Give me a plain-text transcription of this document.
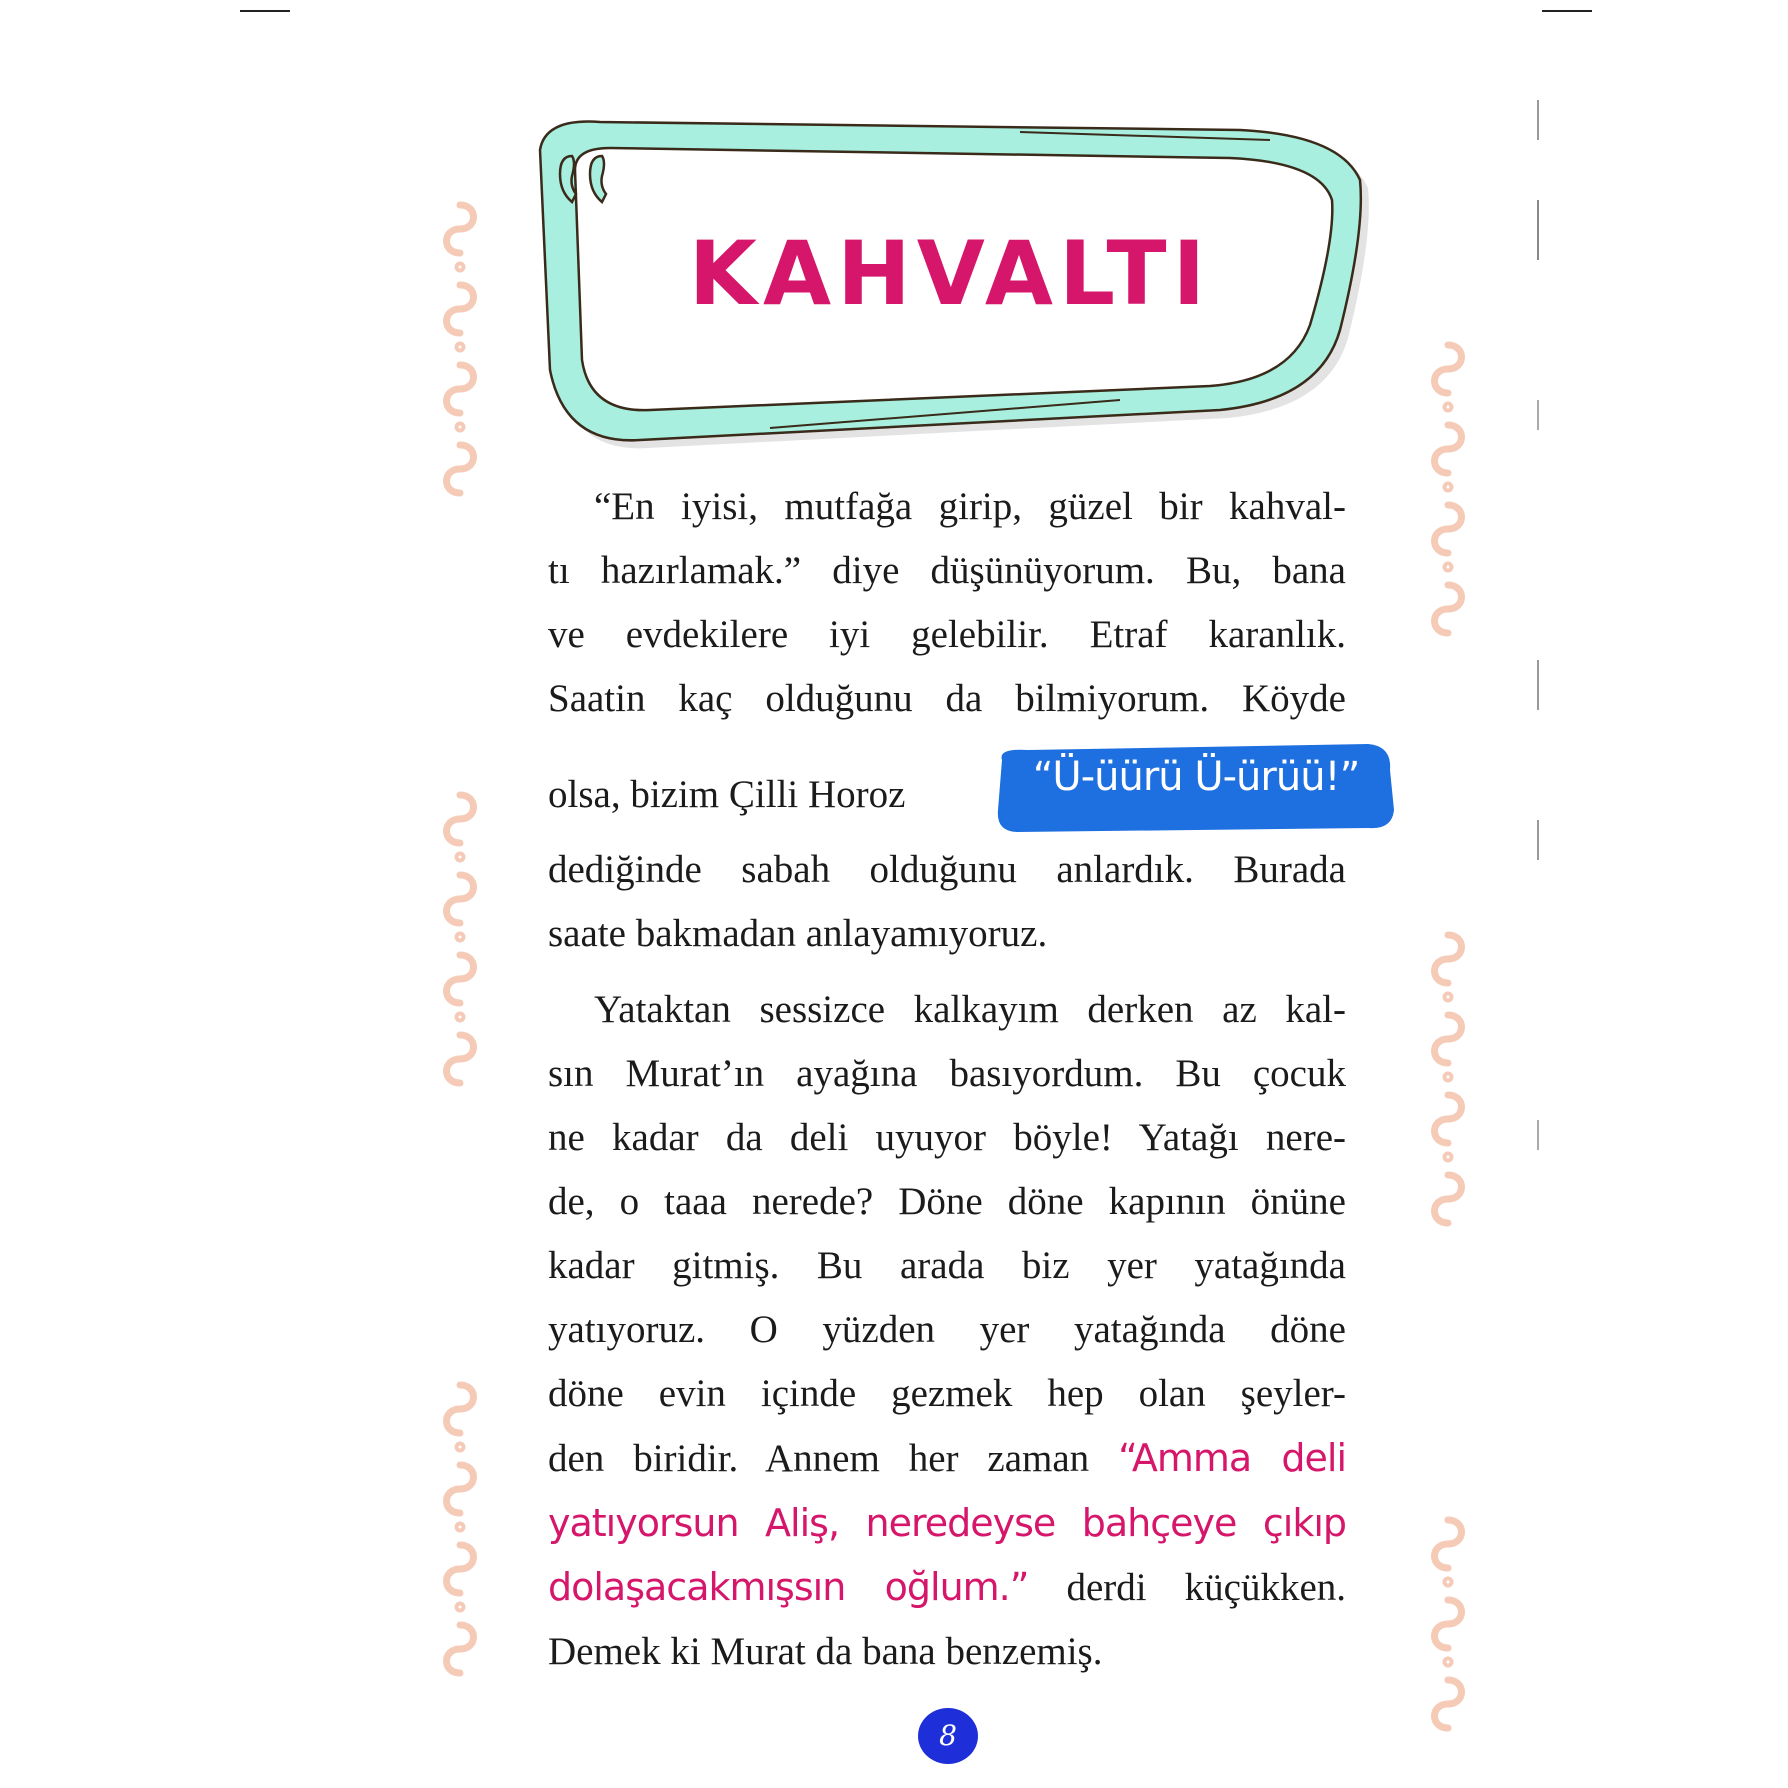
KAHVALTI
“En iyisi, mutfağa girip, güzel bir kahval-
tı hazırlamak.” diye düşünüyorum. Bu, bana
ve evdekilere iyi gelebilir. Etraf karanlık.
Saatin kaç olduğunu da bilmiyorum. Köyde
olsa, bizim Çilli Horoz	“Ü-üürü Ü-ürüü!”
dediğinde sabah olduğunu anlardık. Burada
saate bakmadan anlayamıyoruz.
Yataktan sessizce kalkayım derken az kal-
sın Murat’ın ayağına basıyordum. Bu çocuk
ne kadar da deli uyuyor böyle! Yatağı nere-
de, o taaa nerede? Döne döne kapının önüne
kadar gitmiş. Bu arada biz yer yatağında
yatıyoruz. O yüzden yer yatağında döne
döne evin içinde gezmek hep olan şeyler-
den biridir. Annem her zaman “Amma deli
yatıyorsun Aliş, neredeyse bahçeye çıkıp
dolaşacakmışsın oğlum.” derdi küçükken.
Demek ki Murat da bana benzemiş.
8
